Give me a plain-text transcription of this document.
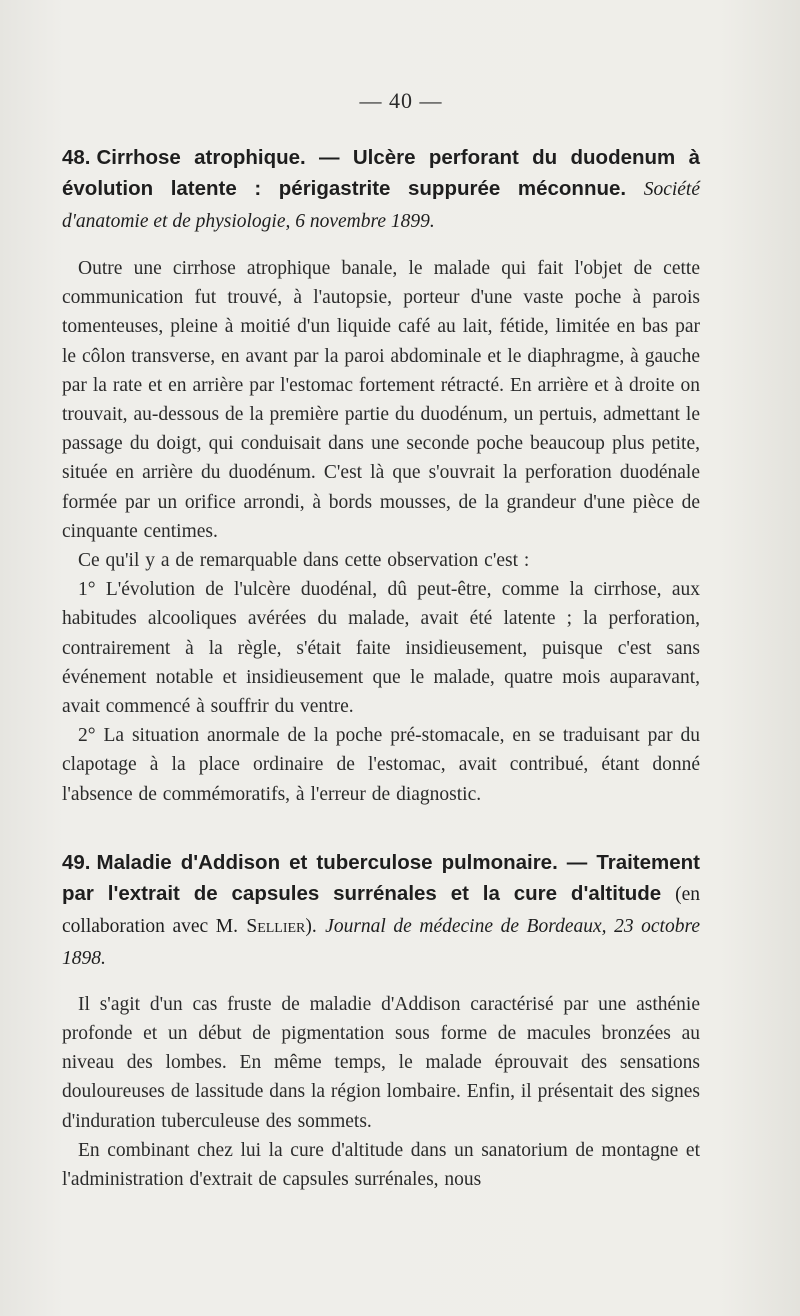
— 40 —

48. Cirrhose atrophique. — Ulcère perforant du duodenum à évolution latente : périgastrite suppurée méconnue. Société d'anatomie et de physiologie, 6 novembre 1899.

Outre une cirrhose atrophique banale, le malade qui fait l'objet de cette communication fut trouvé, à l'autopsie, porteur d'une vaste poche à parois tomenteuses, pleine à moitié d'un liquide café au lait, fétide, limitée en bas par le côlon transverse, en avant par la paroi abdominale et le diaphragme, à gauche par la rate et en arrière par l'estomac fortement rétracté. En arrière et à droite on trouvait, au-dessous de la première partie du duodénum, un pertuis, admettant le passage du doigt, qui conduisait dans une seconde poche beaucoup plus petite, située en arrière du duodénum. C'est là que s'ouvrait la perforation duodénale formée par un orifice arrondi, à bords mousses, de la grandeur d'une pièce de cinquante centimes.

Ce qu'il y a de remarquable dans cette observation c'est :

1° L'évolution de l'ulcère duodénal, dû peut-être, comme la cirrhose, aux habitudes alcooliques avérées du malade, avait été latente ; la perforation, contrairement à la règle, s'était faite insidieusement, puisque c'est sans événement notable et insidieusement que le malade, quatre mois auparavant, avait commencé à souffrir du ventre.

2° La situation anormale de la poche pré-stomacale, en se traduisant par du clapotage à la place ordinaire de l'estomac, avait contribué, étant donné l'absence de commémoratifs, à l'erreur de diagnostic.

49. Maladie d'Addison et tuberculose pulmonaire. — Traitement par l'extrait de capsules surrénales et la cure d'altitude (en collaboration avec M. Sellier). Journal de médecine de Bordeaux, 23 octobre 1898.

Il s'agit d'un cas fruste de maladie d'Addison caractérisé par une asthénie profonde et un début de pigmentation sous forme de macules bronzées au niveau des lombes. En même temps, le malade éprouvait des sensations douloureuses de lassitude dans la région lombaire. Enfin, il présentait des signes d'induration tuberculeuse des sommets.

En combinant chez lui la cure d'altitude dans un sanatorium de montagne et l'administration d'extrait de capsules surrénales, nous
